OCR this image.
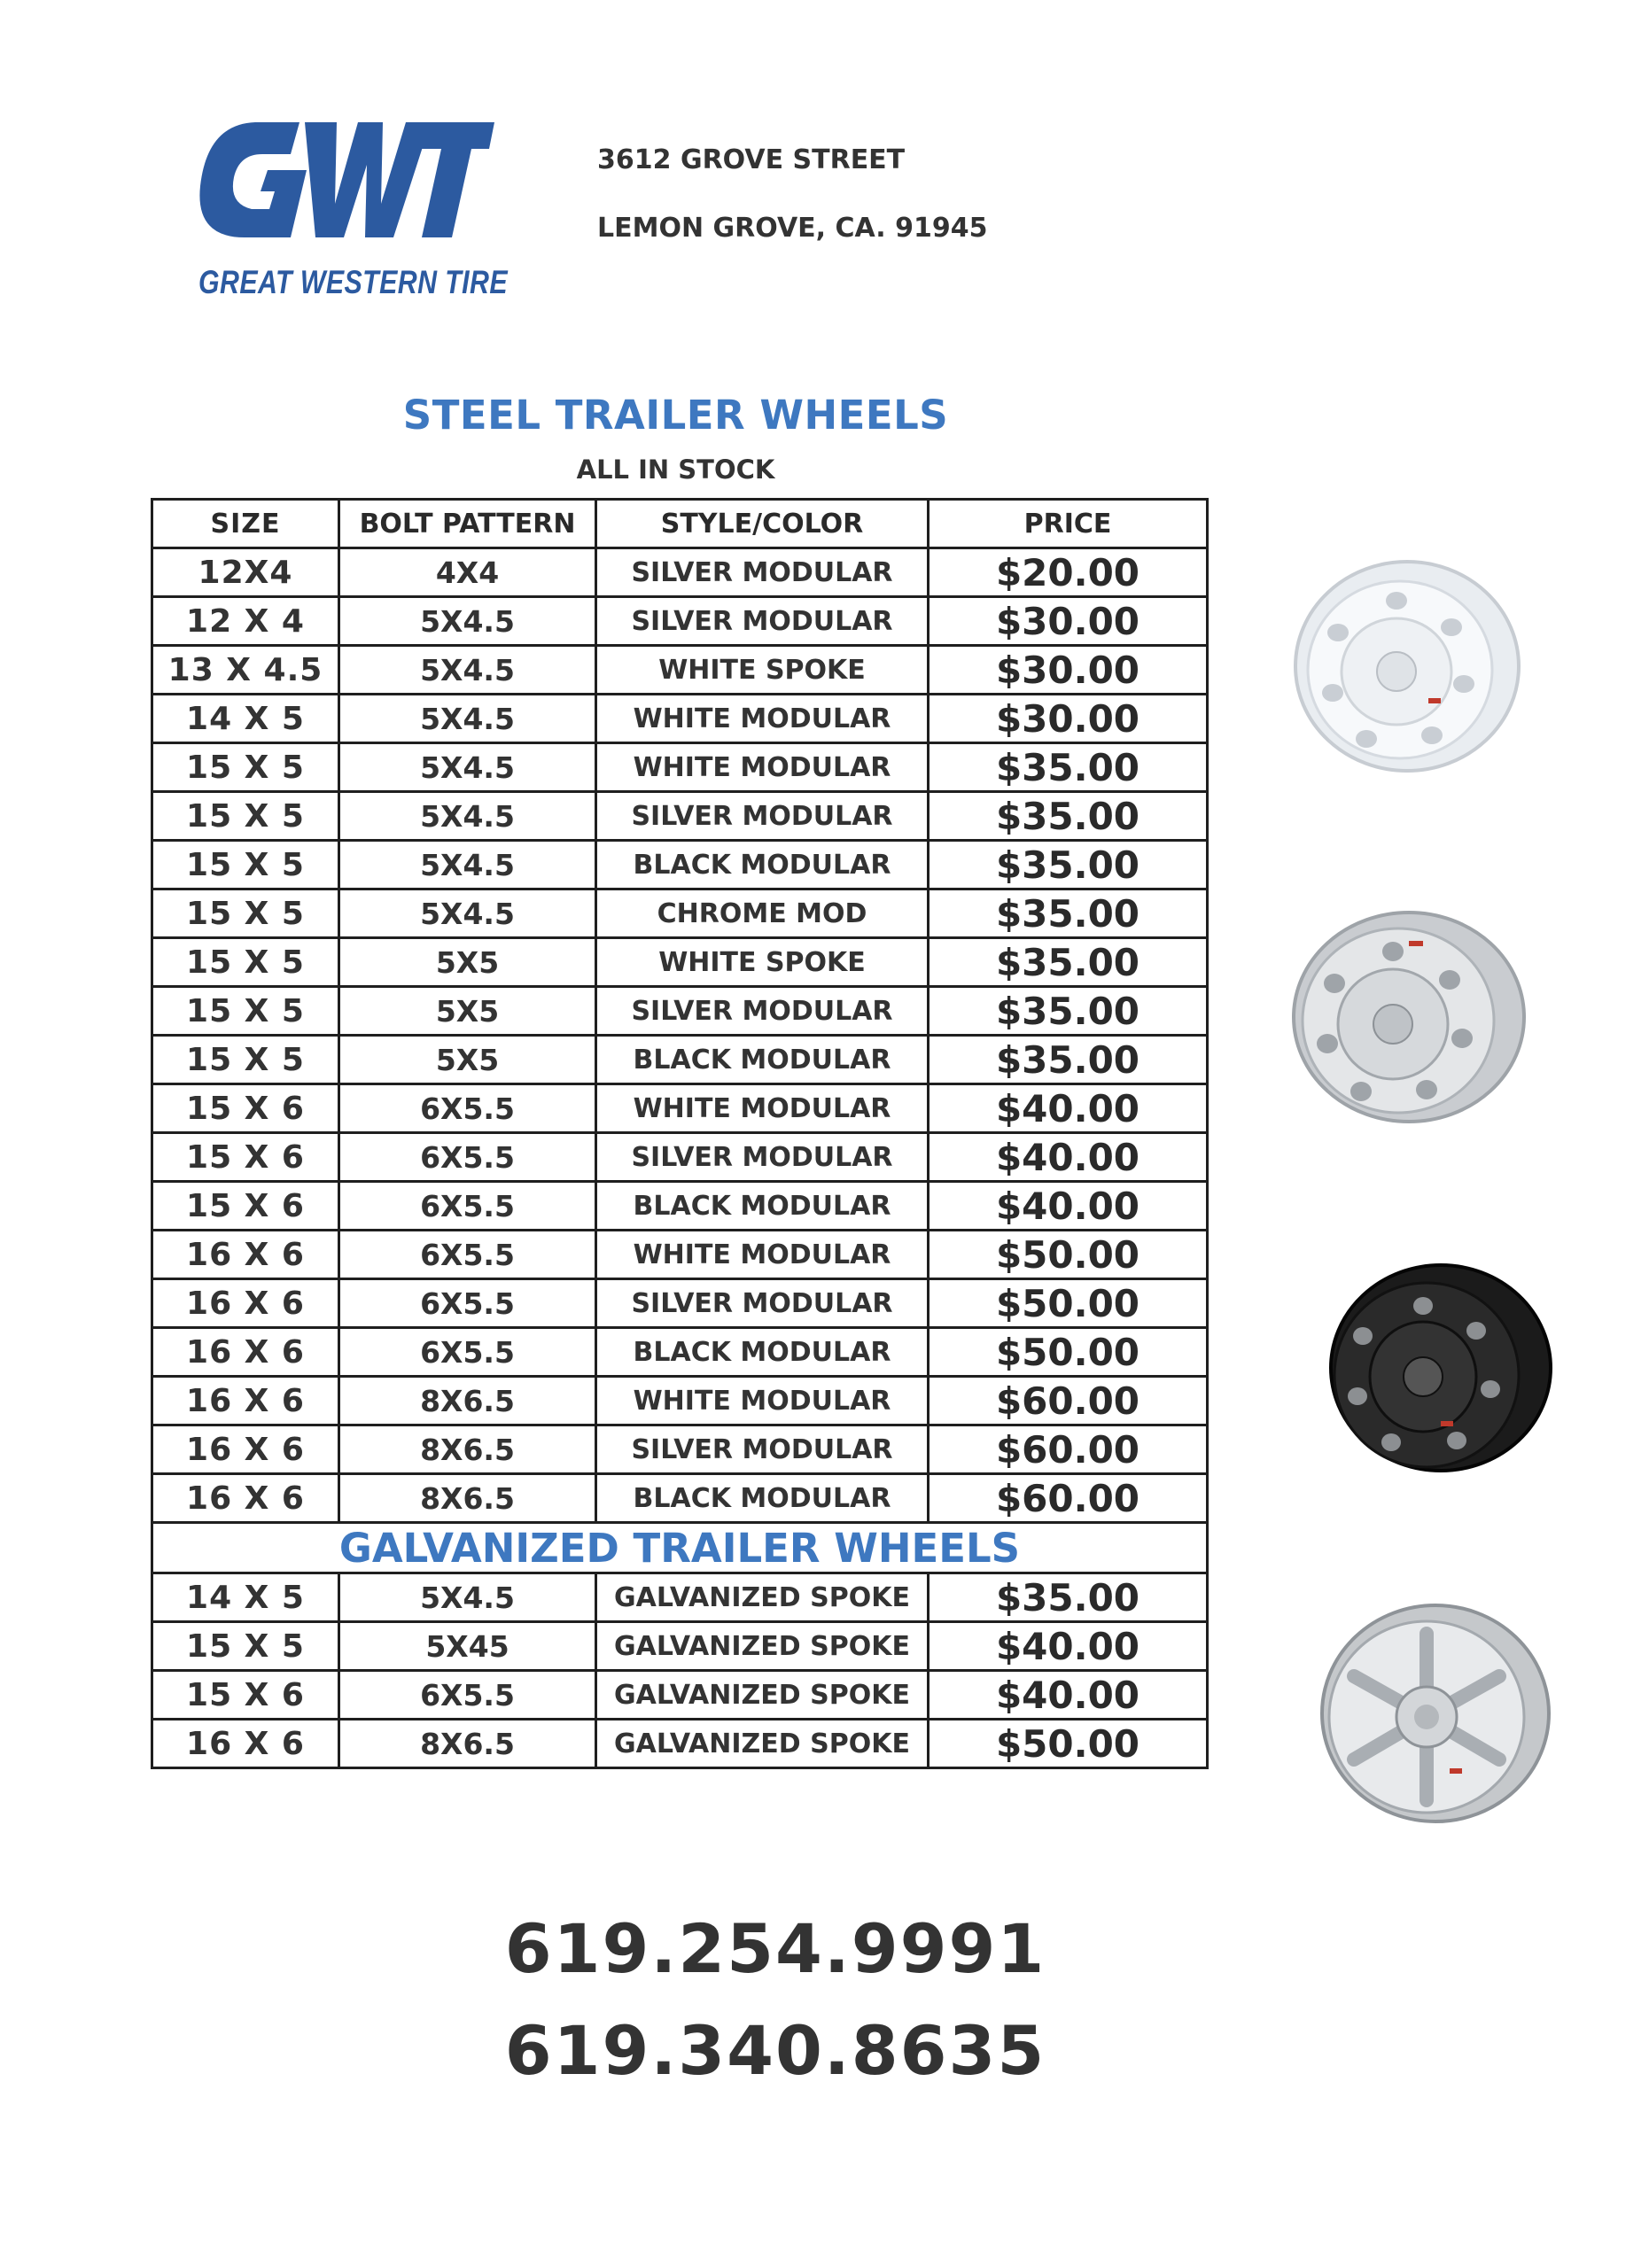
GREAT WESTERN TIRE
3612 GROVE STREET
LEMON GROVE, CA. 91945
STEEL TRAILER WHEELS
ALL IN STOCK
SIZE	BOLT PATTERN	STYLE/COLOR	PRICE
12X4	4X4	SILVER MODULAR	$20.00
12 X 4	5X4.5	SILVER MODULAR	$30.00
13 X 4.5	5X4.5	WHITE SPOKE	$30.00
14 X 5	5X4.5	WHITE MODULAR	$30.00
15 X 5	5X4.5	WHITE MODULAR	$35.00
15 X 5	5X4.5	SILVER MODULAR	$35.00
15 X 5	5X4.5	BLACK MODULAR	$35.00
15 X 5	5X4.5	CHROME MOD	$35.00
15 X 5	5X5	WHITE SPOKE	$35.00
15 X 5	5X5	SILVER MODULAR	$35.00
15 X 5	5X5	BLACK MODULAR	$35.00
15 X 6	6X5.5	WHITE MODULAR	$40.00
15 X 6	6X5.5	SILVER MODULAR	$40.00
15 X 6	6X5.5	BLACK MODULAR	$40.00
16 X 6	6X5.5	WHITE MODULAR	$50.00
16 X 6	6X5.5	SILVER MODULAR	$50.00
16 X 6	6X5.5	BLACK MODULAR	$50.00
16 X 6	8X6.5	WHITE MODULAR	$60.00
16 X 6	8X6.5	SILVER MODULAR	$60.00
16 X 6	8X6.5	BLACK MODULAR	$60.00
GALVANIZED TRAILER WHEELS			
14 X 5	5X4.5	GALVANIZED SPOKE	$35.00
15 X 5	5X45	GALVANIZED SPOKE	$40.00
15 X 6	6X5.5	GALVANIZED SPOKE	$40.00
16 X 6	8X6.5	GALVANIZED SPOKE	$50.00
619.254.9991
619.340.8635
